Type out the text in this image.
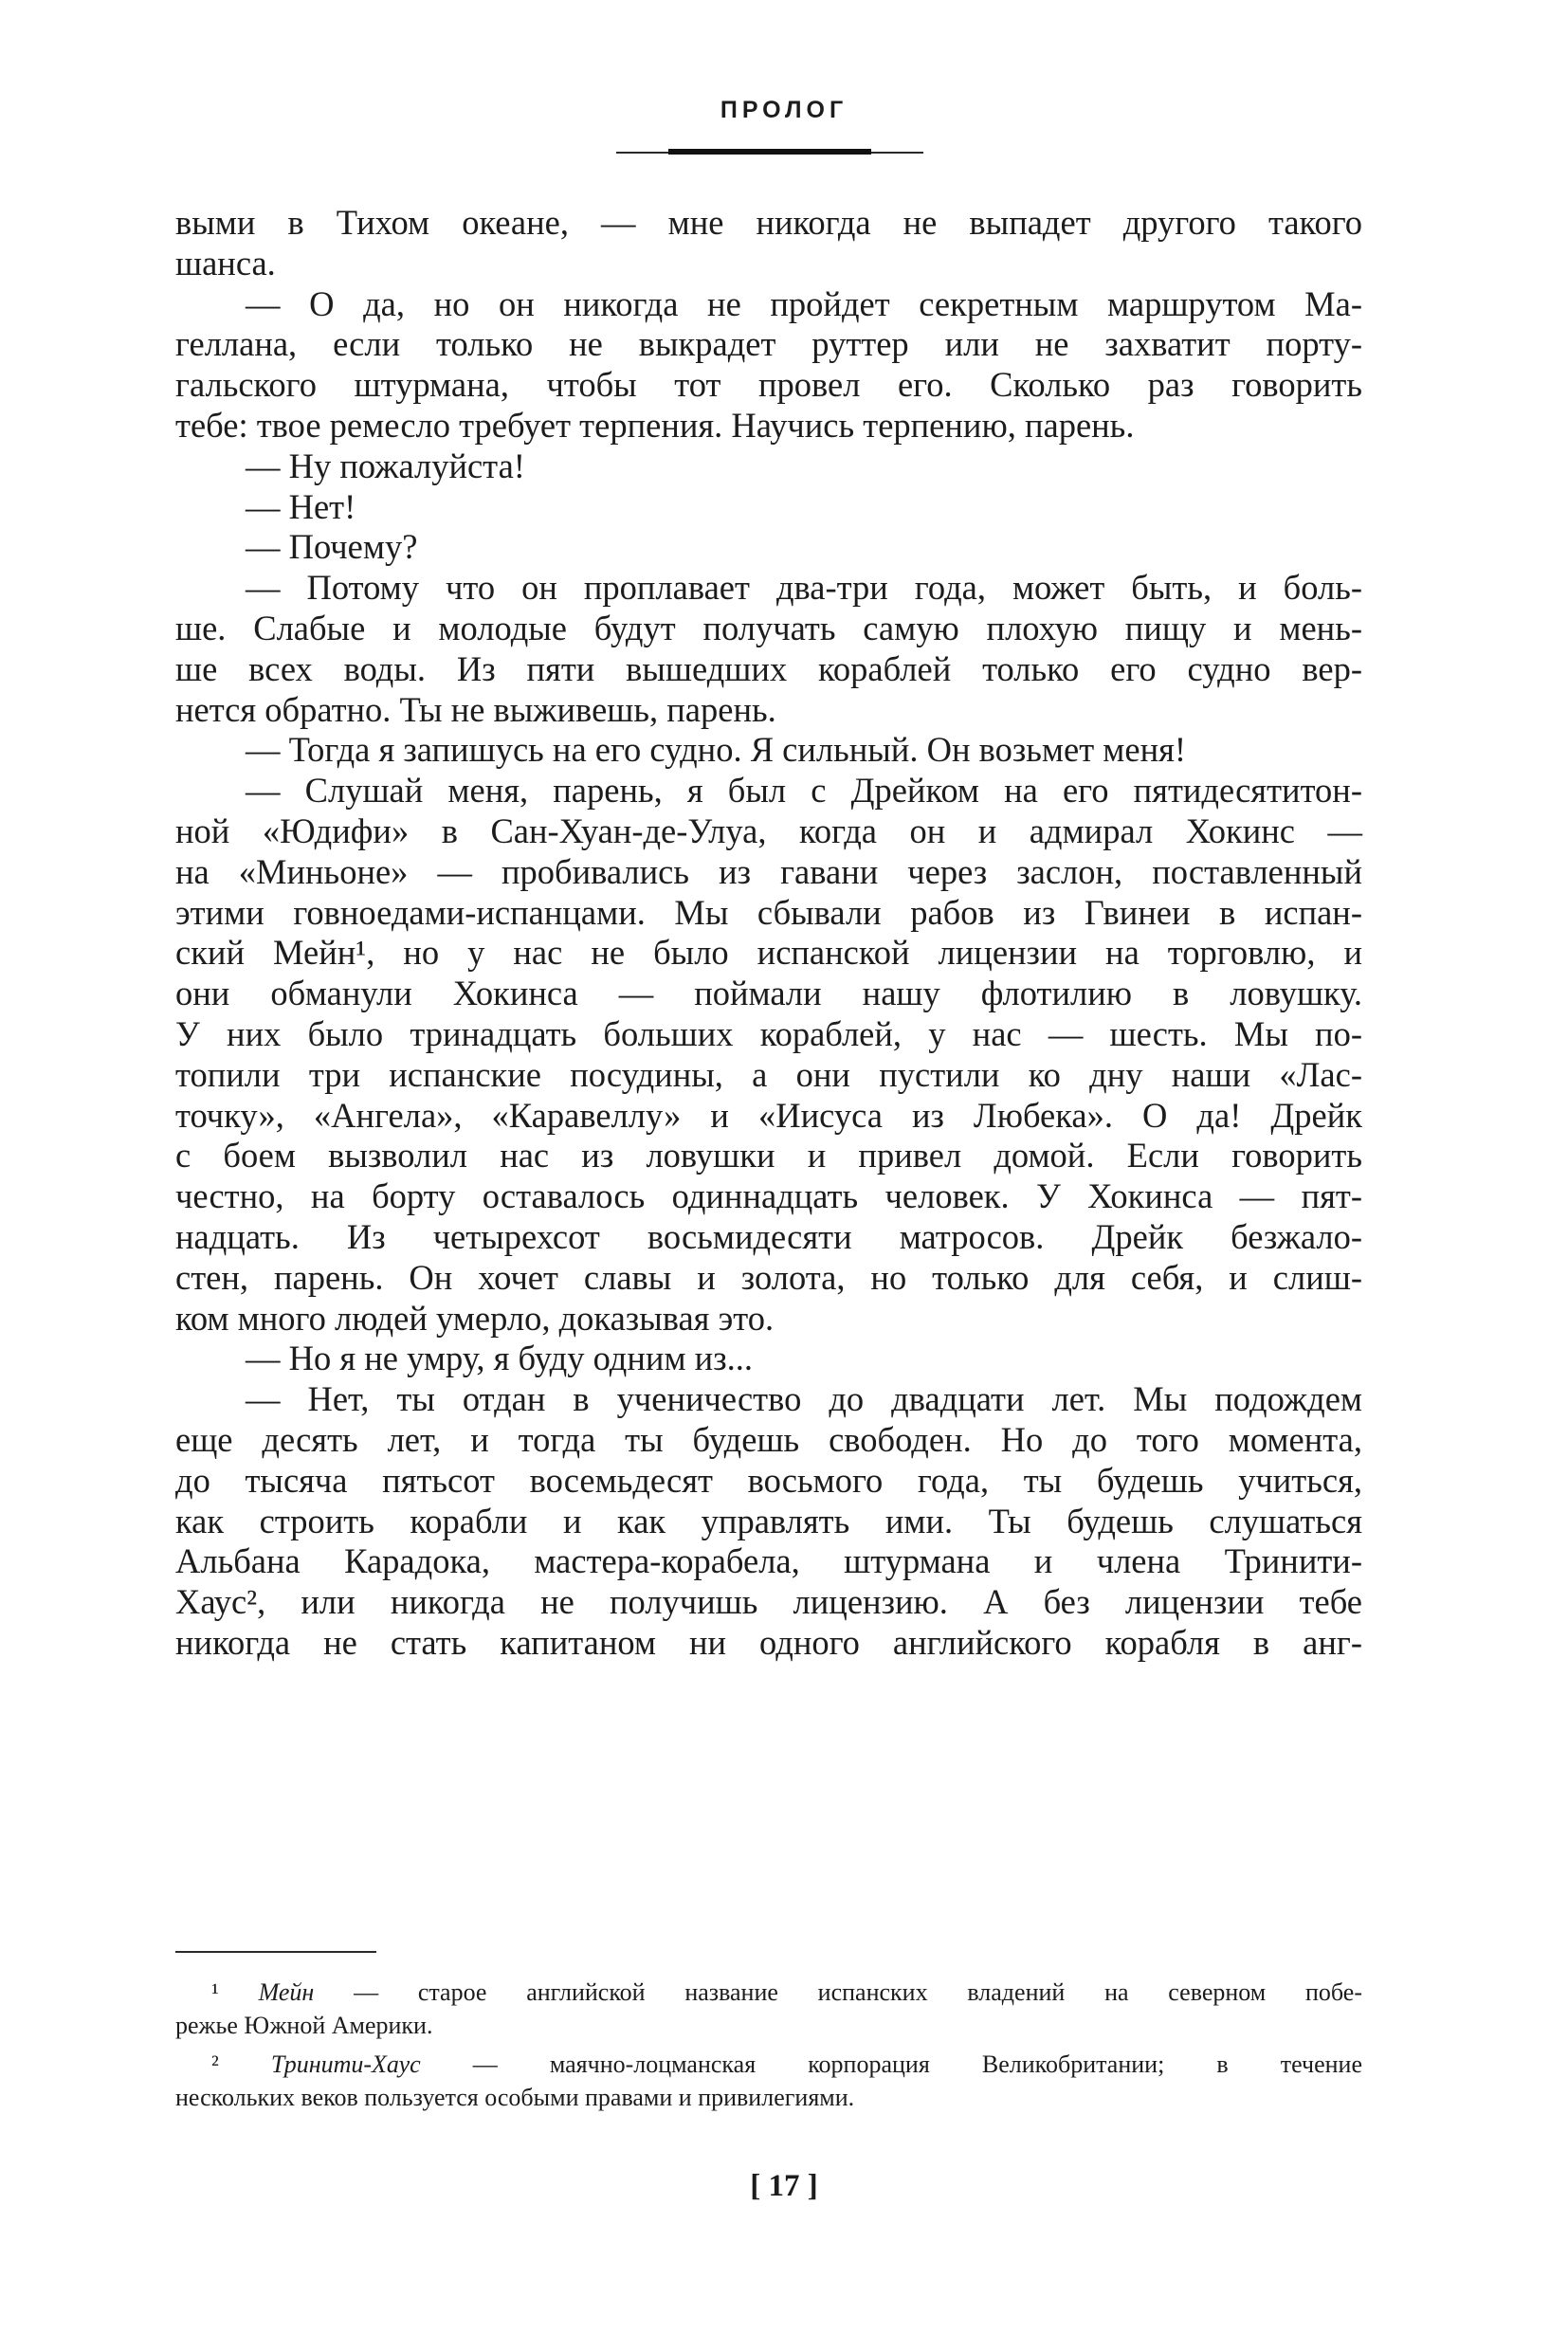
ПРОЛОГ
выми в Тихом океане, — мне никогда не выпадет другого такого
шанса.
— О да, но он никогда не пройдет секретным маршрутом Ма-
геллана, если только не выкрадет руттер или не захватит порту-
гальского штурмана, чтобы тот провел его. Сколько раз говорить
тебе: твое ремесло требует терпения. Научись терпению, парень.
— Ну пожалуйста!
— Нет!
— Почему?
— Потому что он проплавает два-три года, может быть, и боль-
ше. Слабые и молодые будут получать самую плохую пищу и мень-
ше всех воды. Из пяти вышедших кораблей только его судно вер-
нется обратно. Ты не выживешь, парень.
— Тогда я запишусь на его судно. Я сильный. Он возьмет меня!
— Слушай меня, парень, я был с Дрейком на его пятидесятитон-
ной «Юдифи» в Сан-Хуан-де-Улуа, когда он и адмирал Хокинс —
на «Миньоне» — пробивались из гавани через заслон, поставленный
этими говноедами-испанцами. Мы сбывали рабов из Гвинеи в испан-
ский Мейн¹, но у нас не было испанской лицензии на торговлю, и
они обманули Хокинса — поймали нашу флотилию в ловушку.
У них было тринадцать больших кораблей, у нас — шесть. Мы по-
топили три испанские посудины, а они пустили ко дну наши «Лас-
точку», «Ангела», «Каравеллу» и «Иисуса из Любека». О да! Дрейк
с боем вызволил нас из ловушки и привел домой. Если говорить
честно, на борту оставалось одиннадцать человек. У Хокинса — пят-
надцать. Из четырехсот восьмидесяти матросов. Дрейк безжало-
стен, парень. Он хочет славы и золота, но только для себя, и слиш-
ком много людей умерло, доказывая это.
— Но я не умру, я буду одним из...
— Нет, ты отдан в ученичество до двадцати лет. Мы подождем
еще десять лет, и тогда ты будешь свободен. Но до того момента,
до тысяча пятьсот восемьдесят восьмого года, ты будешь учиться,
как строить корабли и как управлять ими. Ты будешь слушаться
Альбана Карадока, мастера-корабела, штурмана и члена Тринити-
Хаус², или никогда не получишь лицензию. А без лицензии тебе
никогда не стать капитаном ни одного английского корабля в анг-
¹ Мейн — старое английской название испанских владений на северном побе-
режье Южной Америки.
² Тринити-Хаус — маячно-лоцманская корпорация Великобритании; в течение
нескольких веков пользуется особыми правами и привилегиями.
[ 17 ]
